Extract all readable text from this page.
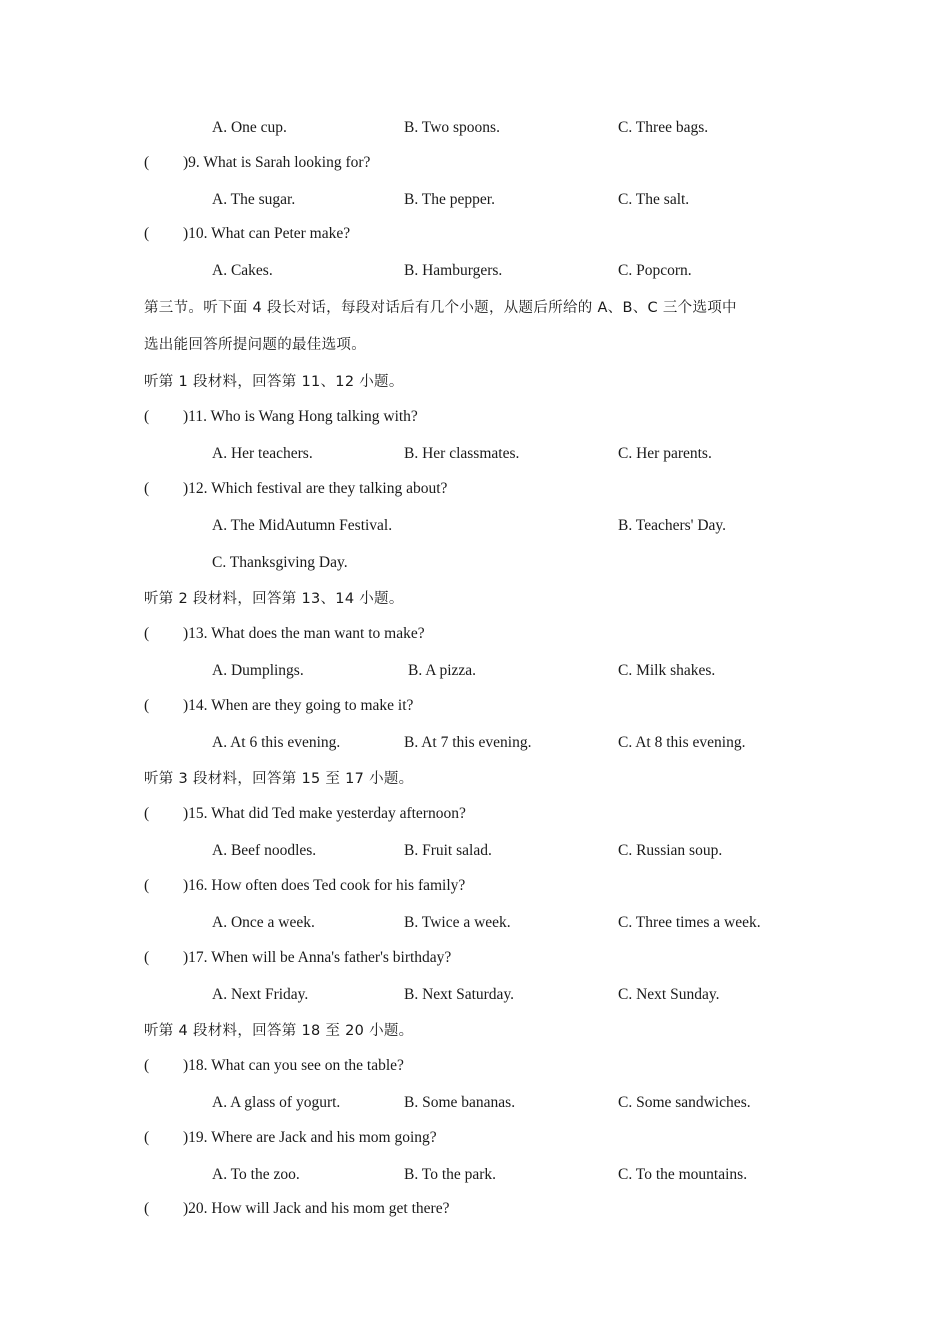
A. One cup.	B. Two spoons.	C. Three bags.
( )9. What is Sarah looking for?
A. The sugar.	B. The pepper.	C. The salt.
( )10. What can Peter make?
A. Cakes.	B. Hamburgers.	C. Popcorn.
第三节。听下面 4 段长对话，每段对话后有几个小题，从题后所给的 A、B、C 三个选项中
选出能回答所提问题的最佳选项。
听第 1 段材料，回答第 11、12 小题。
( )11. Who is Wang Hong talking with?
A. Her teachers.	B. Her classmates.	C. Her parents.
( )12. Which festival are they talking about?
A. The MidAutumn Festival.	B. Teachers' Day.
C. Thanksgiving Day.
听第 2 段材料，回答第 13、14 小题。
( )13. What does the man want to make?
A. Dumplings.	B. A pizza.	C. Milk shakes.
( )14. When are they going to make it?
A. At 6 this evening.	B. At 7 this evening.	C. At 8 this evening.
听第 3 段材料，回答第 15 至 17 小题。
( )15. What did Ted make yesterday afternoon?
A. Beef noodles.	B. Fruit salad.	C. Russian soup.
( )16. How often does Ted cook for his family?
A. Once a week.	B. Twice a week.	C. Three times a week.
( )17. When will be Anna's father's birthday?
A. Next Friday.	B. Next Saturday.	C. Next Sunday.
听第 4 段材料，回答第 18 至 20 小题。
( )18. What can you see on the table?
A. A glass of yogurt.	B. Some bananas.	C. Some sandwiches.
( )19. Where are Jack and his mom going?
A. To the zoo.	B. To the park.	C. To the mountains.
( )20. How will Jack and his mom get there?
